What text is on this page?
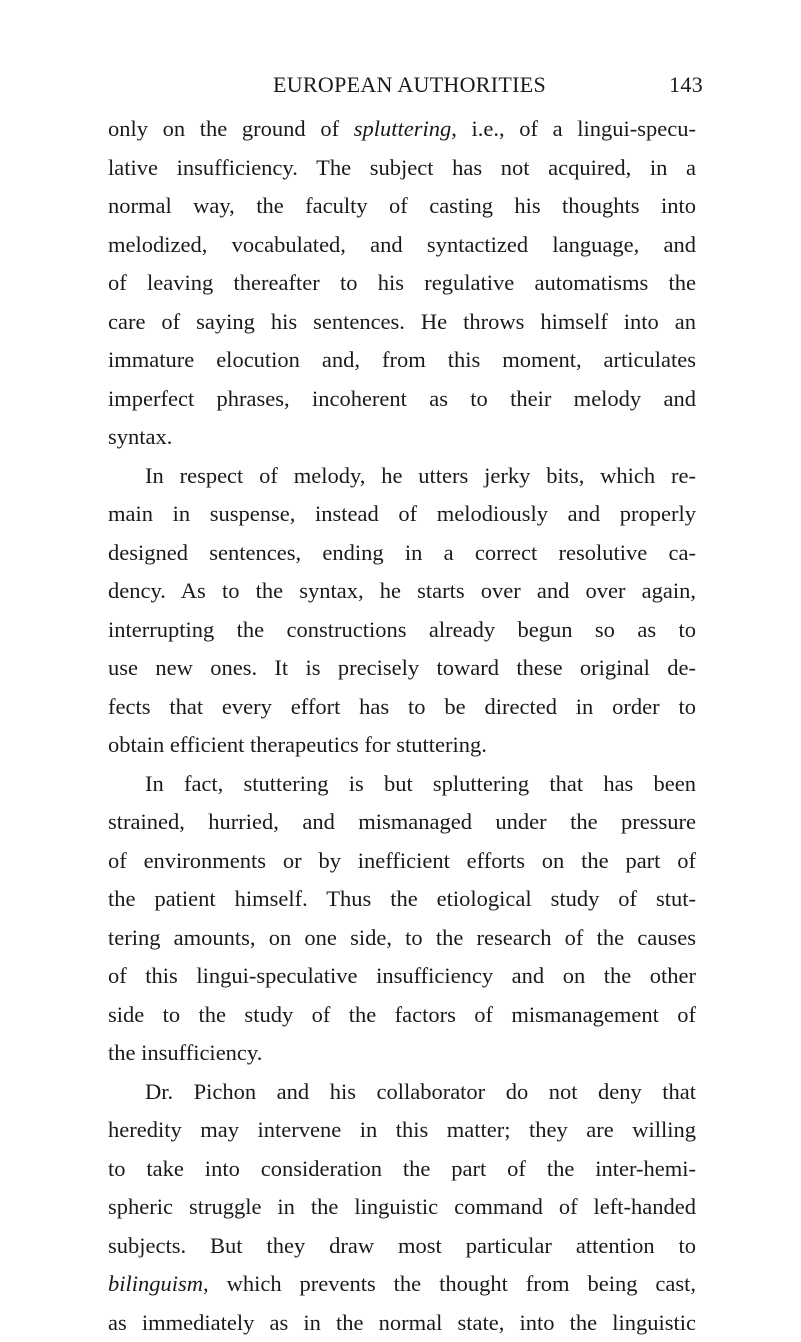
EUROPEAN AUTHORITIES	143
only on the ground of spluttering, i.e., of a lingui-specu-
lative insufficiency. The subject has not acquired, in a
normal way, the faculty of casting his thoughts into
melodized, vocabulated, and syntactized language, and
of leaving thereafter to his regulative automatisms the
care of saying his sentences. He throws himself into an
immature elocution and, from this moment, articulates
imperfect phrases, incoherent as to their melody and
syntax.
In respect of melody, he utters jerky bits, which re-
main in suspense, instead of melodiously and properly
designed sentences, ending in a correct resolutive ca-
dency. As to the syntax, he starts over and over again,
interrupting the constructions already begun so as to
use new ones. It is precisely toward these original de-
fects that every effort has to be directed in order to
obtain efficient therapeutics for stuttering.
In fact, stuttering is but spluttering that has been
strained, hurried, and mismanaged under the pressure
of environments or by inefficient efforts on the part of
the patient himself. Thus the etiological study of stut-
tering amounts, on one side, to the research of the causes
of this lingui-speculative insufficiency and on the other
side to the study of the factors of mismanagement of
the insufficiency.
Dr. Pichon and his collaborator do not deny that
heredity may intervene in this matter; they are willing
to take into consideration the part of the inter-hemi-
spheric struggle in the linguistic command of left-handed
subjects. But they draw most particular attention to
bilinguism, which prevents the thought from being cast,
as immediately as in the normal state, into the linguistic
